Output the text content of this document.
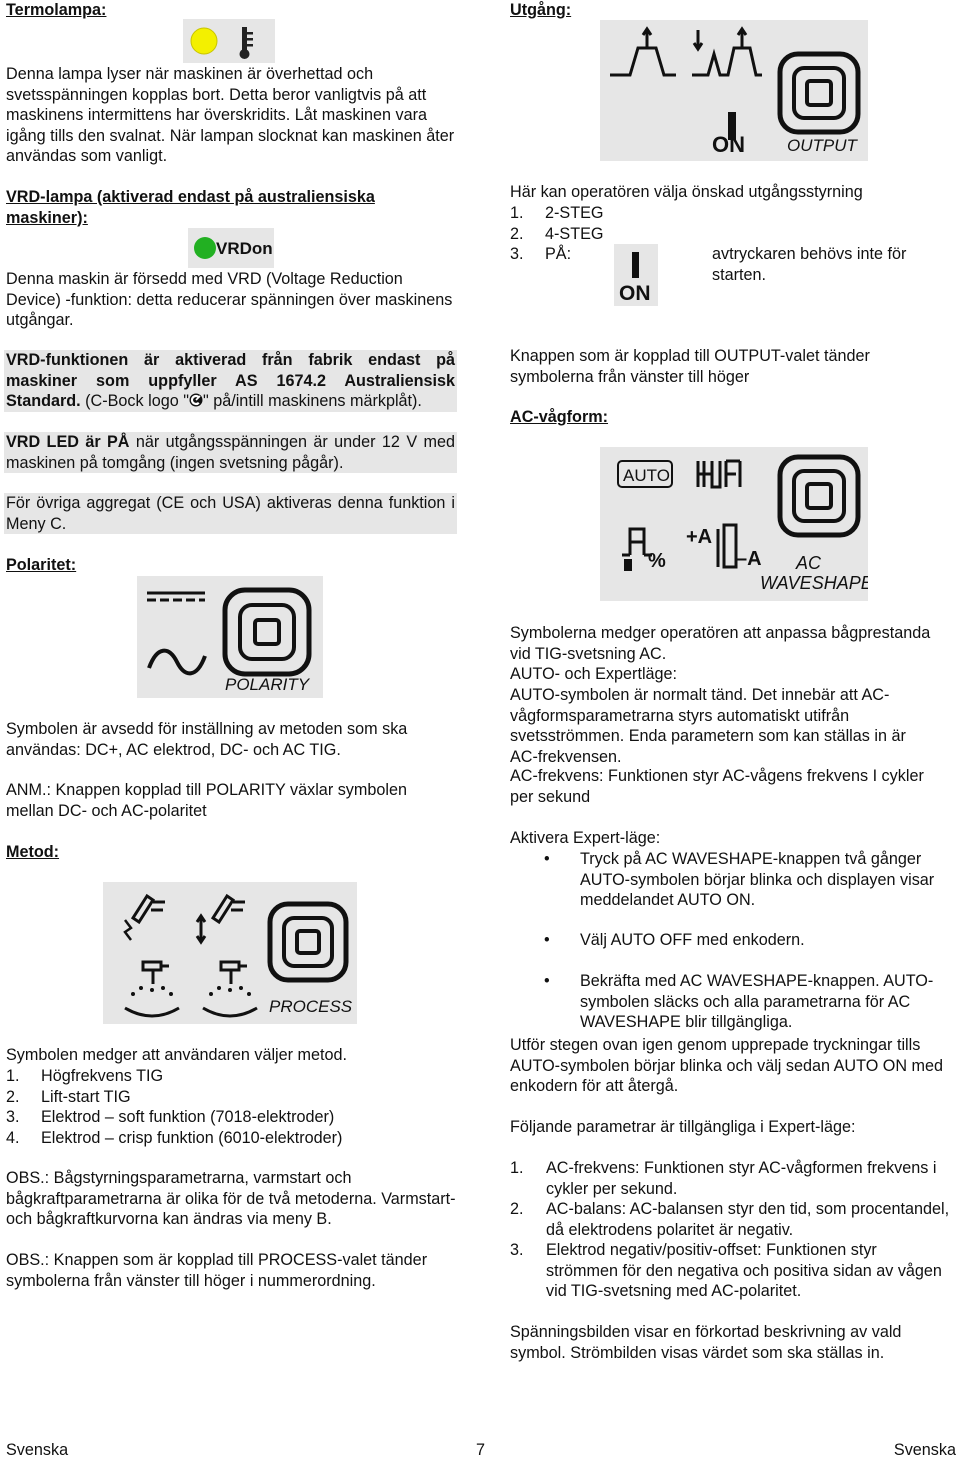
Termolampa:
Denna lampa lyser när maskinen är överhettad och svetsspänningen kopplas bort. Detta beror vanligtvis på att maskinens intermittens har överskridits. Låt maskinen vara igång tills den svalnat. När lampan slocknat kan maskinen åter användas som vanligt.
VRD-lampa (aktiverad endast på australiensiska maskiner):
VRDon
Denna maskin är försedd med VRD (Voltage Reduction Device) -funktion: detta reducerar spänningen över maskinens utgångar.
VRD-funktionen är aktiverad från fabrik endast på maskiner som uppfyller AS 1674.2 Australiensisk Standard. (C-Bock logo " " på/intill maskinens märkplåt).
VRD LED är PÅ när utgångsspänningen är under 12 V med maskinen på tomgång (ingen svetsning pågår).
För övriga aggregat (CE och USA) aktiveras denna funktion i Meny C.
Polaritet:
POLARITY
Symbolen är avsedd för inställning av metoden som ska användas: DC+, AC elektrod, DC- och AC TIG.
ANM.: Knappen kopplad till POLARITY växlar symbolen mellan DC- och AC-polaritet
Metod:
PROCESS
Symbolen medger att användaren väljer metod.
1. Högfrekvens TIG
2. Lift-start TIG
3. Elektrod – soft funktion (7018-elektroder)
4. Elektrod – crisp funktion (6010-elektroder)
OBS.: Bågstyrningsparametrarna, varmstart och bågkraftparametrarna är olika för de två metoderna. Varmstart- och bågkraftkurvorna kan ändras via meny B.
OBS.: Knappen som är kopplad till PROCESS-valet tänder symbolerna från vänster till höger i nummerordning.
Utgång:
ON OUTPUT
Här kan operatören välja önskad utgångsstyrning
1. 2-STEG
2. 4-STEG
3. PÅ:
ON
avtryckaren behövs inte för starten.
Knappen som är kopplad till OUTPUT-valet tänder symbolerna från vänster till höger
AC-vågform:
AUTO
%
+A
–A AC
WAVESHAPE
Symbolerna medger operatören att anpassa bågprestanda vid TIG-svetsning AC.
AUTO- och Expertläge:
AUTO-symbolen är normalt tänd. Det innebär att AC-vågformsparametrarna styrs automatiskt utifrån svetsströmmen. Enda parametern som kan ställas in är AC-frekvensen.
AC-frekvens: Funktionen styr AC-vågens frekvens I cykler per sekund
Aktivera Expert-läge:
• Tryck på AC WAVESHAPE-knappen två gånger AUTO-symbolen börjar blinka och displayen visar meddelandet AUTO ON.
• Välj AUTO OFF med enkodern.
• Bekräfta med AC WAVESHAPE-knappen. AUTO-symbolen släcks och alla parametrarna för AC WAVESHAPE blir tillgängliga.
Utför stegen ovan igen genom upprepade tryckningar tills AUTO-symbolen börjar blinka och välj sedan AUTO ON med enkodern för att återgå.
Följande parametrar är tillgängliga i Expert-läge:
1. AC-frekvens: Funktionen styr AC-vågformen frekvens i cykler per sekund.
2. AC-balans: AC-balansen styr den tid, som procentandel, då elektrodens polaritet är negativ.
3. Elektrod negativ/positiv-offset: Funktionen styr strömmen för den negativa och positiva sidan av vågen vid TIG-svetsning med AC-polaritet.
Spänningsbilden visar en förkortad beskrivning av vald symbol. Strömbilden visas värdet som ska ställas in.
Svenska	7	Svenska
